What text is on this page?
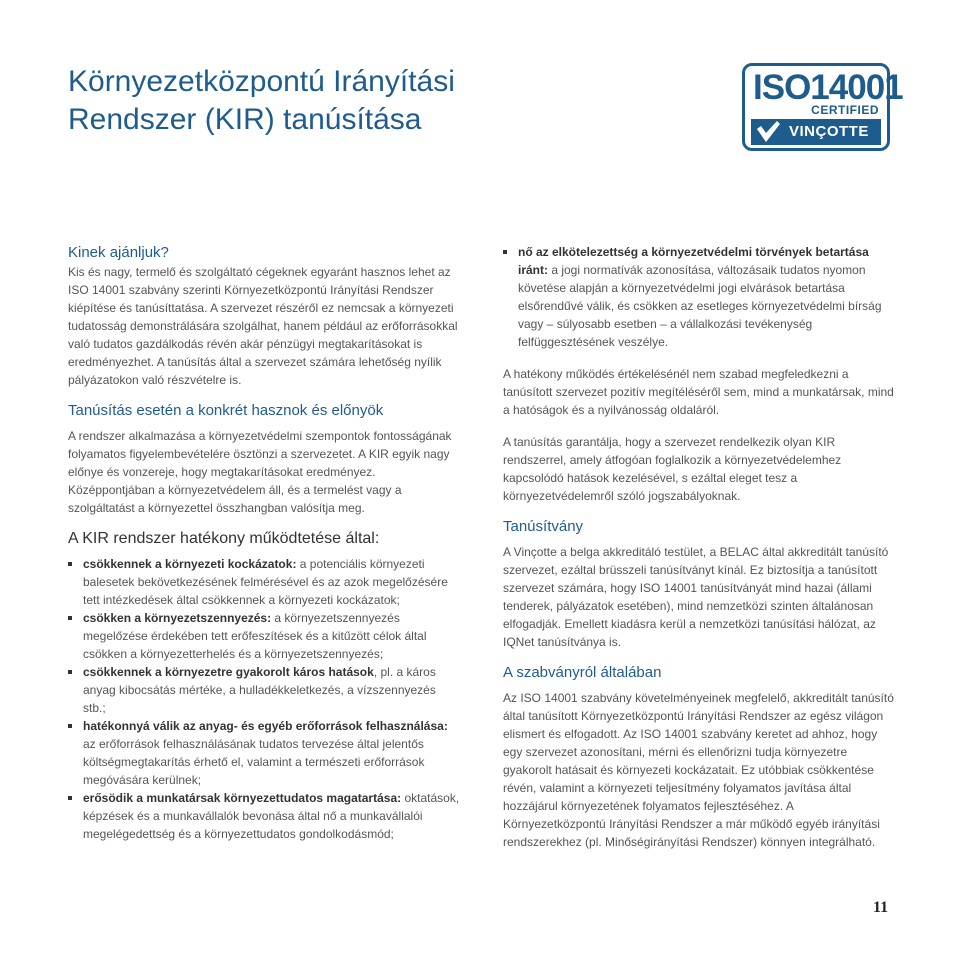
Környezetközpontú Irányítási
Rendszer (KIR) tanúsítása
ISO14001
CERTIFIED
VINÇOTTE
Kinek ajánljuk?

Kis és nagy, termelő és szolgáltató cégeknek egyaránt hasznos lehet az ISO 14001 szabvány szerinti Környezetközpontú Irányítási Rendszer kiépítése és tanúsíttatása. A szervezet részéről ez nemcsak a környezeti tudatosság demonstrálására szolgálhat, hanem például az erőforrásokkal való tudatos gazdálkodás révén akár pénzügyi megtakarításokat is eredményezhet. A tanúsítás által a szervezet számára lehetőség nyílik pályázatokon való részvételre is.

Tanúsítás esetén a konkrét hasznok és előnyök

A rendszer alkalmazása a környezetvédelmi szempontok fontosságának folyamatos figyelembevételére ösztönzi a szervezetet. A KIR egyik nagy előnye és vonzereje, hogy megtakarításokat eredményez. Középpontjában a környezetvédelem áll, és a termelést vagy a szolgáltatást a környezettel összhangban valósítja meg.

A KIR rendszer hatékony működtetése által:
csökkennek a környezeti kockázatok: a potenciális környezeti balesetek bekövetkezésének felmérésével és az azok megelőzésére tett intézkedések által csökkennek a környezeti kockázatok;
csökken a környezetszennyezés: a környezetszennyezés megelőzése érdekében tett erőfeszítések és a kitűzött célok által csökken a környezetterhelés és a környezetszennyezés;
csökkennek a környezetre gyakorolt káros hatások, pl. a káros anyag kibocsátás mértéke, a hulladékkeletkezés, a vízszennyezés stb.;
hatékonnyá válik az anyag- és egyéb erőforrások felhasználása: az erőforrások felhasználásának tudatos tervezése által jelentős költségmegtakarítás érhető el, valamint a természeti erőforrások megóvására kerülnek;
erősödik a munkatársak környezettudatos magatartása: oktatások, képzések és a munkavállalók bevonása által nő a munkavállalói megelégedettség és a környezettudatos gondolkodásmód;
nő az elkötelezettség a környezetvédelmi törvények betartása iránt: a jogi normatívák azonosítása, változásaik tudatos nyomon követése alapján a környezetvédelmi jogi elvárások betartása elsőrendűvé válik, és csökken az esetleges környezetvédelmi bírság vagy – súlyosabb esetben – a vállalkozási tevékenység felfüggesztésének veszélye.

A hatékony működés értékelésénél nem szabad megfeledkezni a tanúsított szervezet pozitív megítéléséről sem, mind a munkatársak, mind a hatóságok és a nyilvánosság oldaláról.

A tanúsítás garantálja, hogy a szervezet rendelkezik olyan KIR rendszerrel, amely átfogóan foglalkozik a környezetvédelemhez kapcsolódó hatások kezelésével, s ezáltal eleget tesz a környezetvédelemről szóló jogszabályoknak.

Tanúsítvány

A Vinçotte a belga akkreditáló testület, a BELAC által akkreditált tanúsító szervezet, ezáltal brüsszeli tanúsítványt kínál. Ez biztosítja a tanúsított szervezet számára, hogy ISO 14001 tanúsítványát mind hazai (állami tenderek, pályázatok esetében), mind nemzetközi szinten általánosan elfogadják. Emellett kiadásra kerül a nemzetközi tanúsítási hálózat, az IQNet tanúsítványa is.

A szabványról általában

Az ISO 14001 szabvány követelményeinek megfelelő, akkreditált tanúsító által tanúsított Környezetközpontú Irányítási Rendszer az egész világon elismert és elfogadott. Az ISO 14001 szabvány keretet ad ahhoz, hogy egy szervezet azonosítani, mérni és ellenőrizni tudja környezetre gyakorolt hatásait és környezeti kockázatait. Ez utóbbiak csökkentése révén, valamint a környezeti teljesítmény folyamatos javítása által hozzájárul környezetének folyamatos fejlesztéséhez. A Környezetközpontú Irányítási Rendszer a már működő egyéb irányítási rendszerekhez (pl. Minőségirányítási Rendszer) könnyen integrálható.

11
